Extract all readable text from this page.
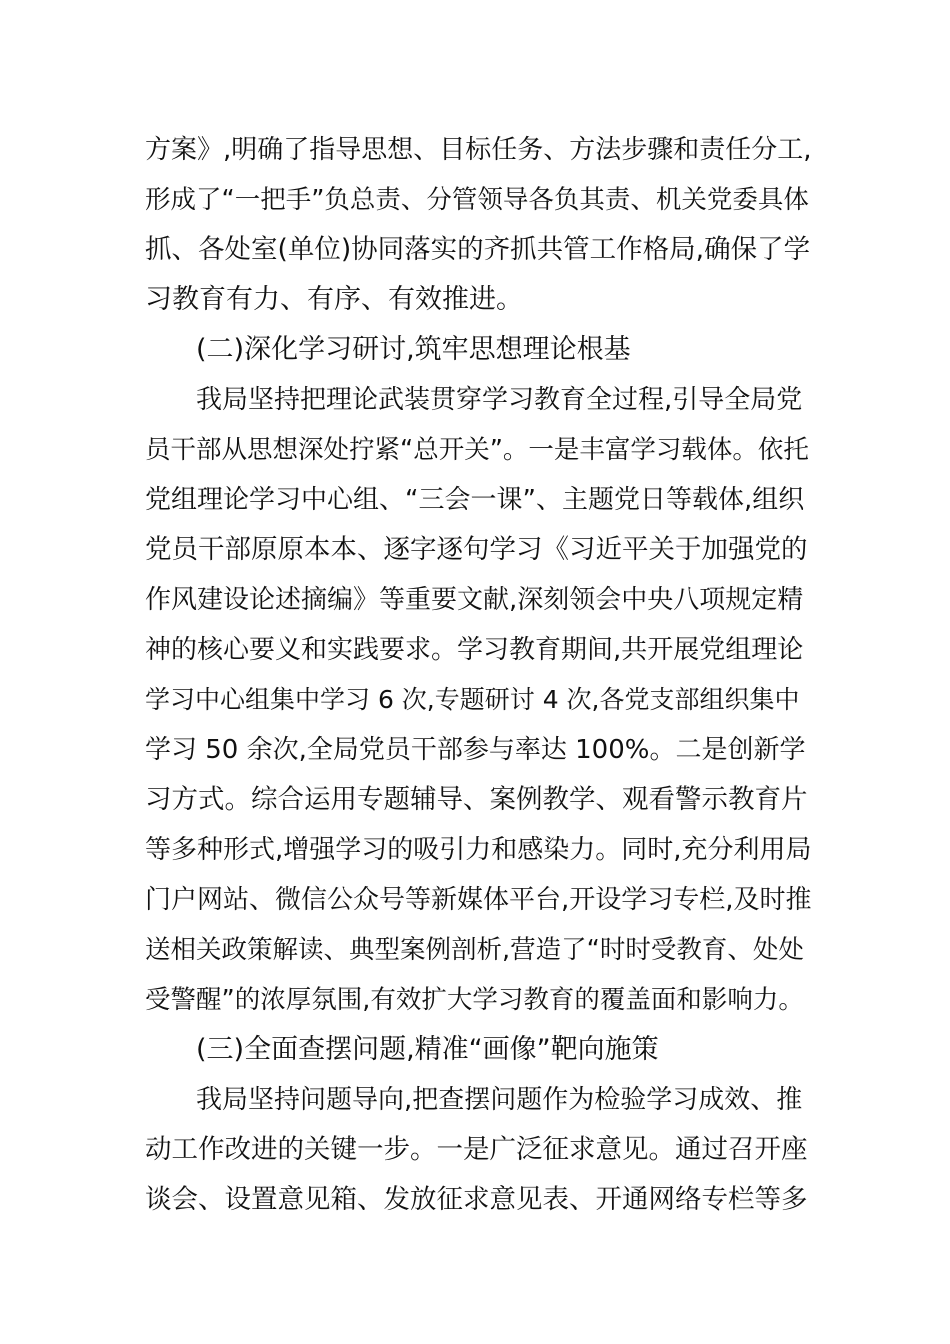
方案》,明确了指导思想、目标任务、方法步骤和责任分工,
形成了“一把手”负总责、分管领导各负其责、机关党委具体
抓、各处室(单位)协同落实的齐抓共管工作格局,确保了学
习教育有力、有序、有效推进。
(二)深化学习研讨,筑牢思想理论根基
我局坚持把理论武装贯穿学习教育全过程,引导全局党
员干部从思想深处拧紧“总开关”。一是丰富学习载体。依托
党组理论学习中心组、“三会一课”、主题党日等载体,组织
党员干部原原本本、逐字逐句学习《习近平关于加强党的
作风建设论述摘编》等重要文献,深刻领会中央八项规定精
神的核心要义和实践要求。学习教育期间,共开展党组理论
学习中心组集中学习 6 次,专题研讨 4 次,各党支部组织集中
学习 50 余次,全局党员干部参与率达 100%。二是创新学
习方式。综合运用专题辅导、案例教学、观看警示教育片
等多种形式,增强学习的吸引力和感染力。同时,充分利用局
门户网站、微信公众号等新媒体平台,开设学习专栏,及时推
送相关政策解读、典型案例剖析,营造了“时时受教育、处处
受警醒”的浓厚氛围,有效扩大学习教育的覆盖面和影响力。
(三)全面查摆问题,精准“画像”靶向施策
我局坚持问题导向,把查摆问题作为检验学习成效、推
动工作改进的关键一步。一是广泛征求意见。通过召开座
谈会、设置意见箱、发放征求意见表、开通网络专栏等多
